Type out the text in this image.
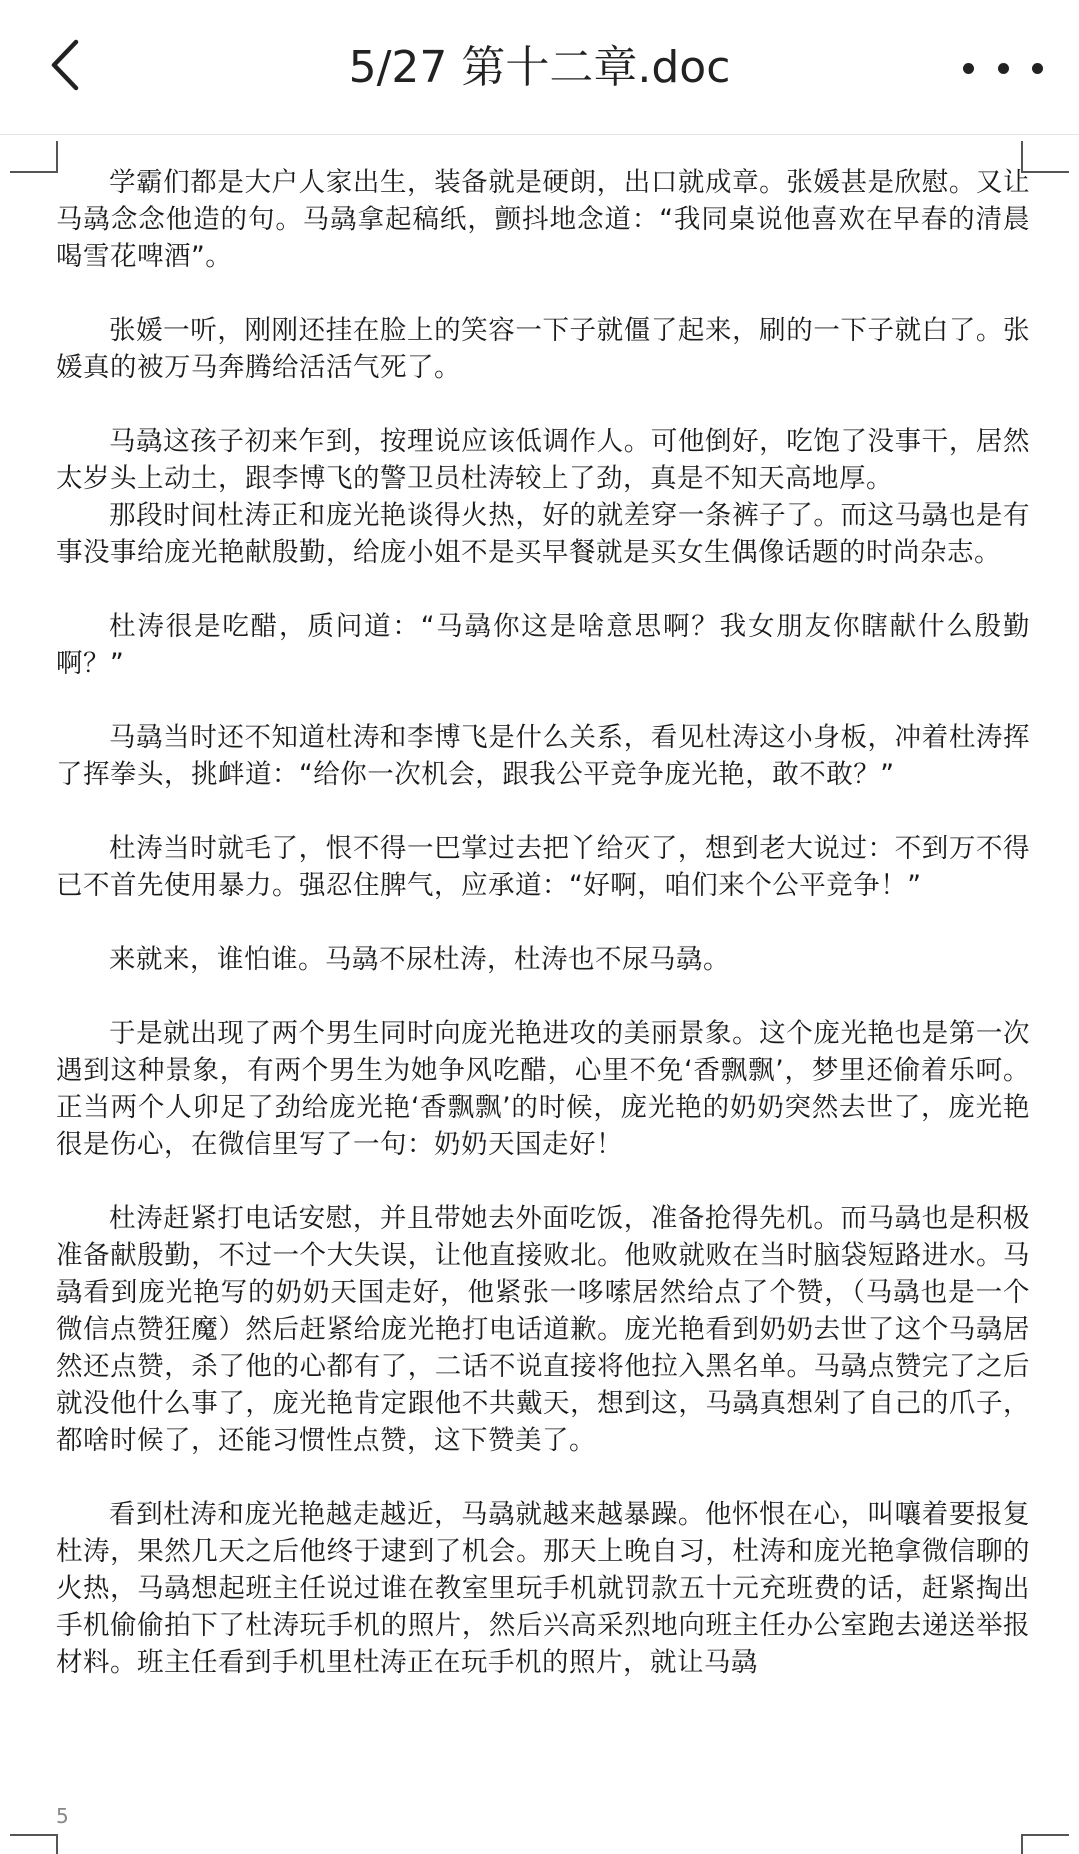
5/27 第十二章.doc

学霸们都是大户人家出生，装备就是硬朗，出口就成章。张媛甚是欣慰。又让马骉念念他造的句。马骉拿起稿纸，颤抖地念道：“我同桌说他喜欢在早春的清晨喝雪花啤酒”。

张媛一听，刚刚还挂在脸上的笑容一下子就僵了起来，刷的一下子就白了。张媛真的被万马奔腾给活活气死了。

马骉这孩子初来乍到，按理说应该低调作人。可他倒好，吃饱了没事干，居然太岁头上动土，跟李博飞的警卫员杜涛较上了劲，真是不知天高地厚。

那段时间杜涛正和庞光艳谈得火热，好的就差穿一条裤子了。而这马骉也是有事没事给庞光艳献殷勤，给庞小姐不是买早餐就是买女生偶像话题的时尚杂志。

杜涛很是吃醋，质问道：“马骉你这是啥意思啊？我女朋友你瞎献什么殷勤啊？”

马骉当时还不知道杜涛和李博飞是什么关系，看见杜涛这小身板，冲着杜涛挥了挥拳头，挑衅道：“给你一次机会，跟我公平竞争庞光艳，敢不敢？”

杜涛当时就毛了，恨不得一巴掌过去把丫给灭了，想到老大说过：不到万不得已不首先使用暴力。强忍住脾气，应承道：“好啊，咱们来个公平竞争！”

来就来，谁怕谁。马骉不尿杜涛，杜涛也不尿马骉。

于是就出现了两个男生同时向庞光艳进攻的美丽景象。这个庞光艳也是第一次遇到这种景象，有两个男生为她争风吃醋，心里不免‘香飘飘’，梦里还偷着乐呵。正当两个人卯足了劲给庞光艳‘香飘飘’的时候，庞光艳的奶奶突然去世了，庞光艳很是伤心，在微信里写了一句：奶奶天国走好！

杜涛赶紧打电话安慰，并且带她去外面吃饭，准备抢得先机。而马骉也是积极准备献殷勤，不过一个大失误，让他直接败北。他败就败在当时脑袋短路进水。马骉看到庞光艳写的奶奶天国走好，他紧张一哆嗦居然给点了个赞，（马骉也是一个微信点赞狂魔）然后赶紧给庞光艳打电话道歉。庞光艳看到奶奶去世了这个马骉居然还点赞，杀了他的心都有了，二话不说直接将他拉入黑名单。马骉点赞完了之后就没他什么事了，庞光艳肯定跟他不共戴天，想到这，马骉真想剁了自己的爪子，都啥时候了，还能习惯性点赞，这下赞美了。

看到杜涛和庞光艳越走越近，马骉就越来越暴躁。他怀恨在心，叫嚷着要报复杜涛，果然几天之后他终于逮到了机会。那天上晚自习，杜涛和庞光艳拿微信聊的火热，马骉想起班主任说过谁在教室里玩手机就罚款五十元充班费的话，赶紧掏出手机偷偷拍下了杜涛玩手机的照片，然后兴高采烈地向班主任办公室跑去递送举报材料。班主任看到手机里杜涛正在玩手机的照片，就让马骉

5
